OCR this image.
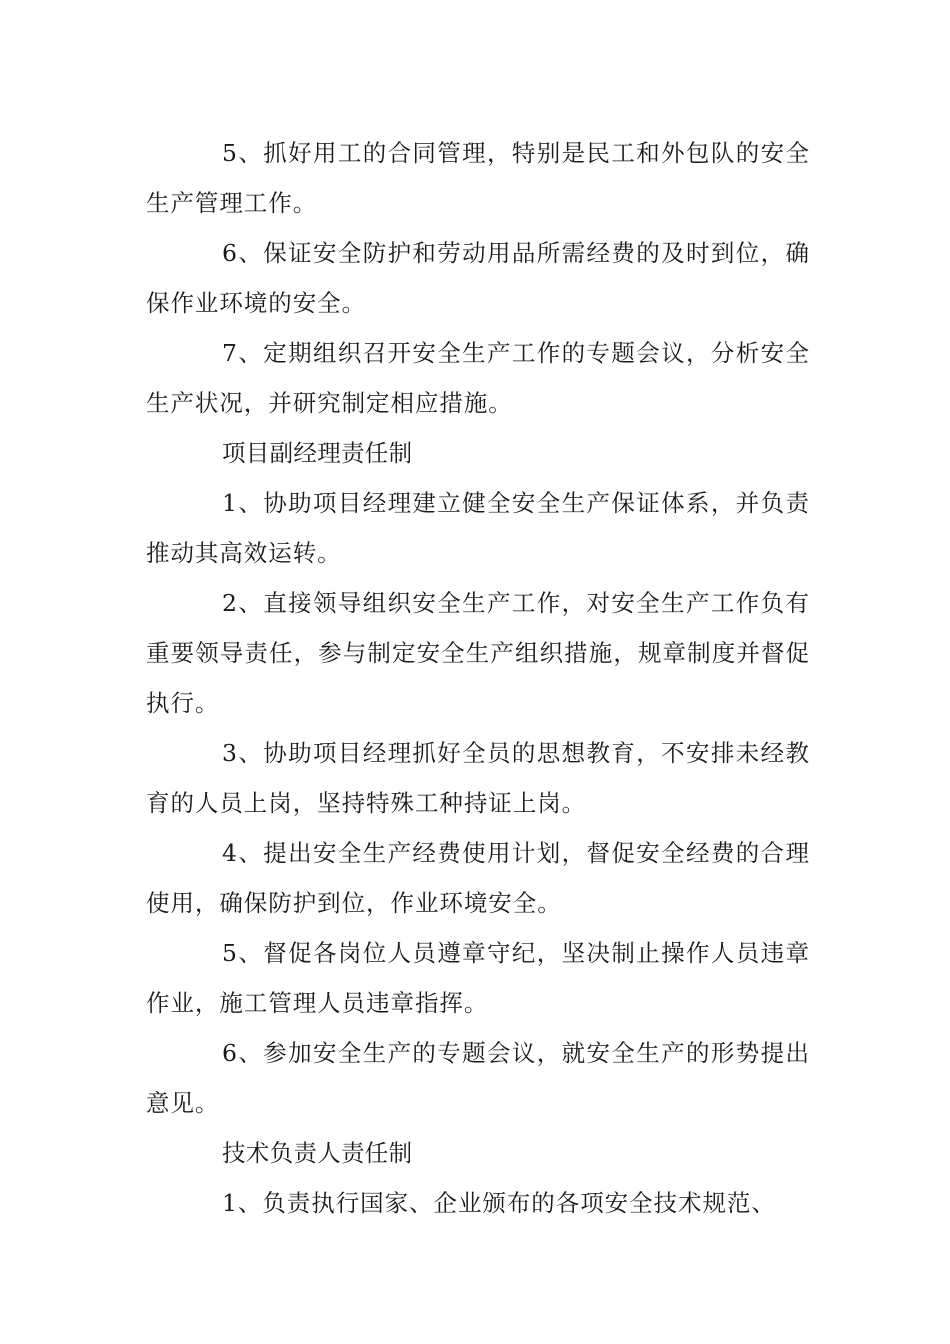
5、抓好用工的合同管理，特别是民工和外包队的安全生产管理工作。

6、保证安全防护和劳动用品所需经费的及时到位，确保作业环境的安全。

7、定期组织召开安全生产工作的专题会议，分析安全生产状况，并研究制定相应措施。

项目副经理责任制

1、协助项目经理建立健全安全生产保证体系，并负责推动其高效运转。

2、直接领导组织安全生产工作，对安全生产工作负有重要领导责任，参与制定安全生产组织措施，规章制度并督促执行。

3、协助项目经理抓好全员的思想教育，不安排未经教育的人员上岗，坚持特殊工种持证上岗。

4、提出安全生产经费使用计划，督促安全经费的合理使用，确保防护到位，作业环境安全。

5、督促各岗位人员遵章守纪，坚决制止操作人员违章作业，施工管理人员违章指挥。

6、参加安全生产的专题会议，就安全生产的形势提出意见。

技术负责人责任制

1、负责执行国家、企业颁布的各项安全技术规范、
